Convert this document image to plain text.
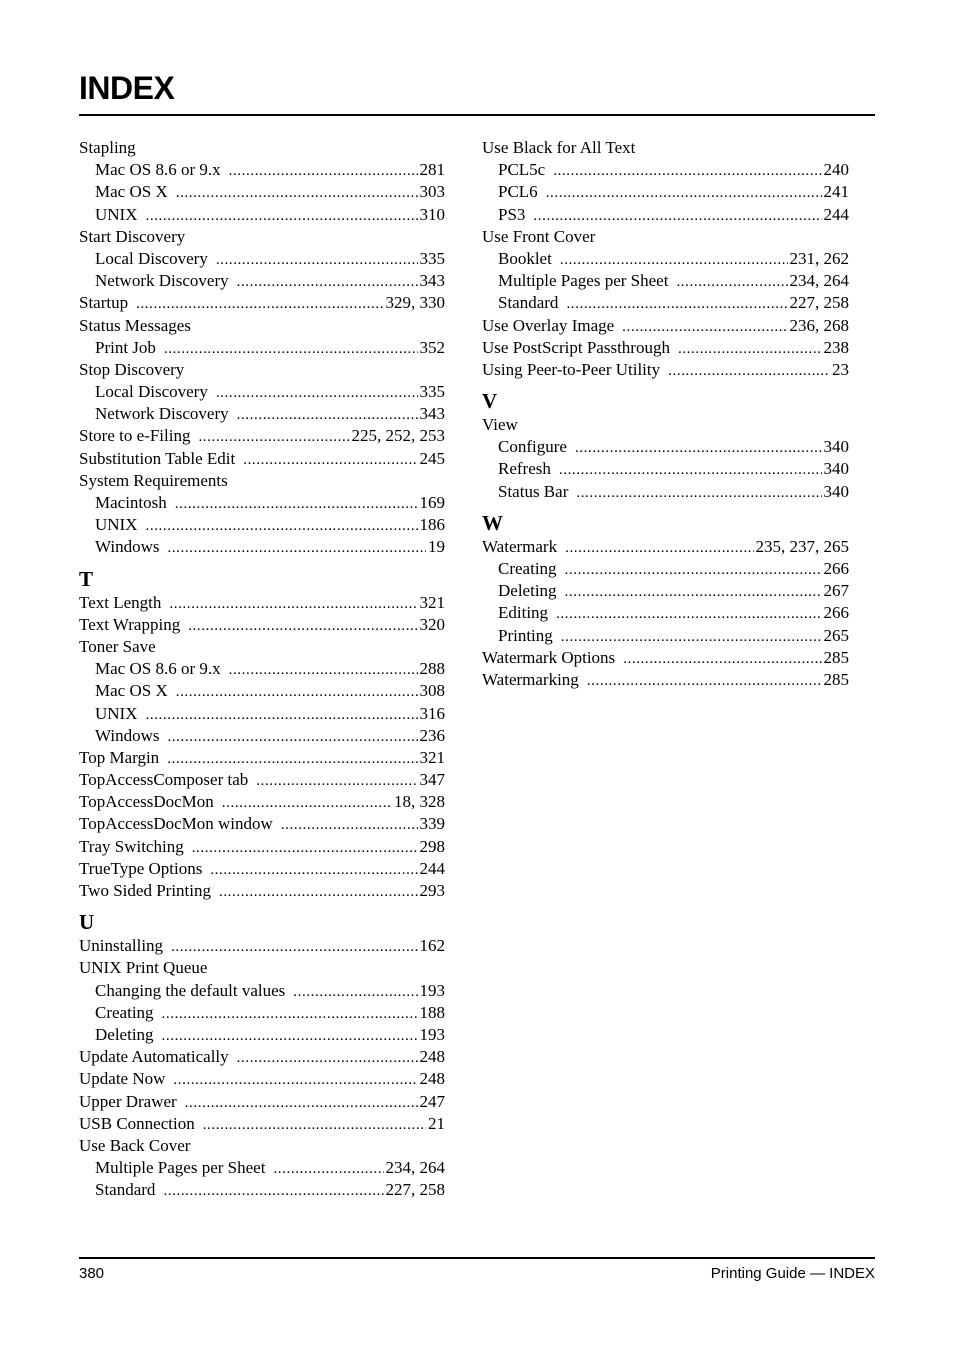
INDEX
Stapling
Mac OS 8.6 or 9.x .....	281
Mac OS X .....	303
UNIX .....	310
Start Discovery
Local Discovery .....	335
Network Discovery .....	343
Startup .....	329, 330
Status Messages
Print Job .....	352
Stop Discovery
Local Discovery .....	335
Network Discovery .....	343
Store to e-Filing .....	225, 252, 253
Substitution Table Edit .....	245
System Requirements
Macintosh .....	169
UNIX .....	186
Windows .....	19
T
Text Length .....	321
Text Wrapping .....	320
Toner Save
Mac OS 8.6 or 9.x .....	288
Mac OS X .....	308
UNIX .....	316
Windows .....	236
Top Margin .....	321
TopAccessComposer tab .....	347
TopAccessDocMon .....	18, 328
TopAccessDocMon window .....	339
Tray Switching .....	298
TrueType Options .....	244
Two Sided Printing .....	293
U
Uninstalling .....	162
UNIX Print Queue
Changing the default values .....	193
Creating .....	188
Deleting .....	193
Update Automatically .....	248
Update Now .....	248
Upper Drawer .....	247
USB Connection .....	21
Use Back Cover
Multiple Pages per Sheet .....	234, 264
Standard .....	227, 258
Use Black for All Text
PCL5c .....	240
PCL6 .....	241
PS3 .....	244
Use Front Cover
Booklet .....	231, 262
Multiple Pages per Sheet .....	234, 264
Standard .....	227, 258
Use Overlay Image .....	236, 268
Use PostScript Passthrough .....	238
Using Peer-to-Peer Utility .....	23
V
View
Configure .....	340
Refresh .....	340
Status Bar .....	340
W
Watermark .....	235, 237, 265
Creating .....	266
Deleting .....	267
Editing .....	266
Printing .....	265
Watermark Options .....	285
Watermarking .....	285
380	Printing Guide — INDEX
